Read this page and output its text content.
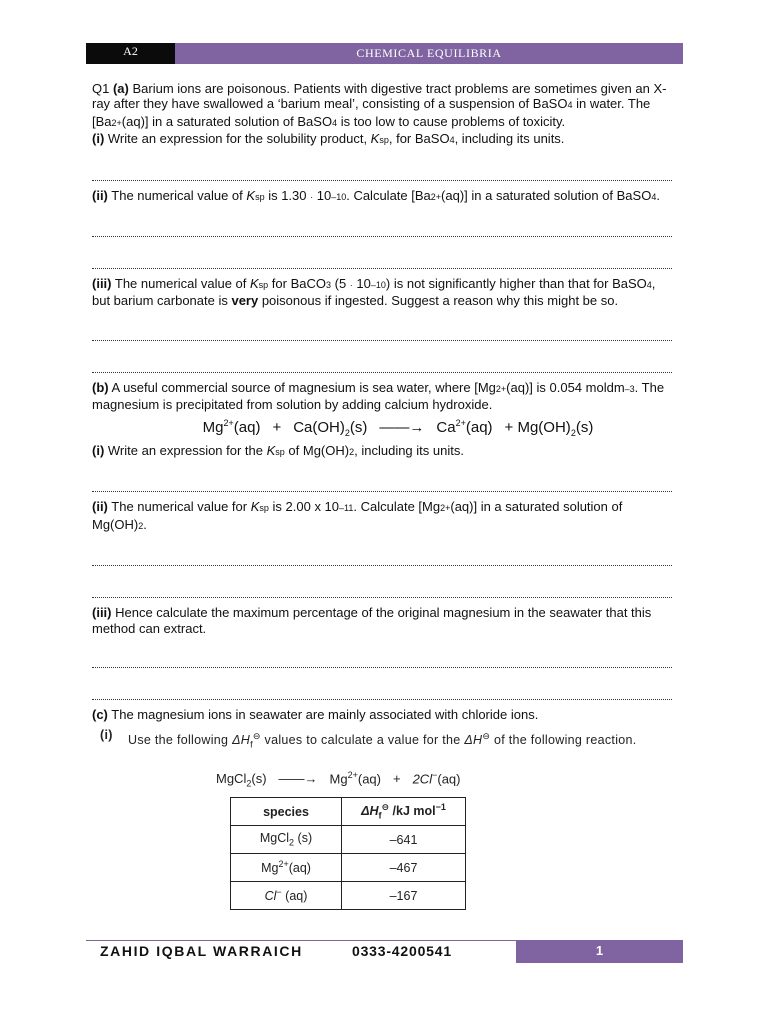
A2	CHEMICAL EQUILIBRIA

Q1 (a) Barium ions are poisonous. Patients with digestive tract problems are sometimes given an X-ray after they have swallowed a ‘barium meal’, consisting of a suspension of BaSO4 in water. The [Ba2+(aq)] in a saturated solution of BaSO4 is too low to cause problems of toxicity.

(i) Write an expression for the solubility product, Ksp, for BaSO4, including its units.

(ii) The numerical value of Ksp is 1.30 · 10–10. Calculate [Ba2+(aq)] in a saturated solution of BaSO4.

(iii) The numerical value of Ksp for BaCO3 (5 · 10–10) is not significantly higher than that for BaSO4, but barium carbonate is very poisonous if ingested. Suggest a reason why this might be so.

(b) A useful commercial source of magnesium is sea water, where [Mg2+(aq)] is 0.054 moldm–3. The magnesium is precipitated from solution by adding calcium hydroxide.

$Mg^{2+}(aq) + Ca(OH)_2(s)$ ——→ $Ca^{2+}(aq) + Mg(OH)_2(s)$

(i) Write an expression for the Ksp of Mg(OH)2, including its units.

(ii) The numerical value for Ksp is 2.00 x 10–11. Calculate [Mg2+(aq)] in a saturated solution of Mg(OH)2.

(iii) Hence calculate the maximum percentage of the original magnesium in the seawater that this method can extract.

(c) The magnesium ions in seawater are mainly associated with chloride ions.

(i)	Use the following $\Delta H_f^⊖$ values to calculate a value for the ΔH⊖ of the following reaction.
MgCl$_2$(s) ——→ $Mg^{2+}(aq) + 2Cl^-(aq)$
species	$\Delta H_f^⊖$ /kJ mol$^{-1}$
MgCl$_2$ (s)	–641
$Mg^{2+}(aq)$	–467
Cl− (aq)	–167
ZAHID IQBAL WARRAICH	0333-4200541	1
